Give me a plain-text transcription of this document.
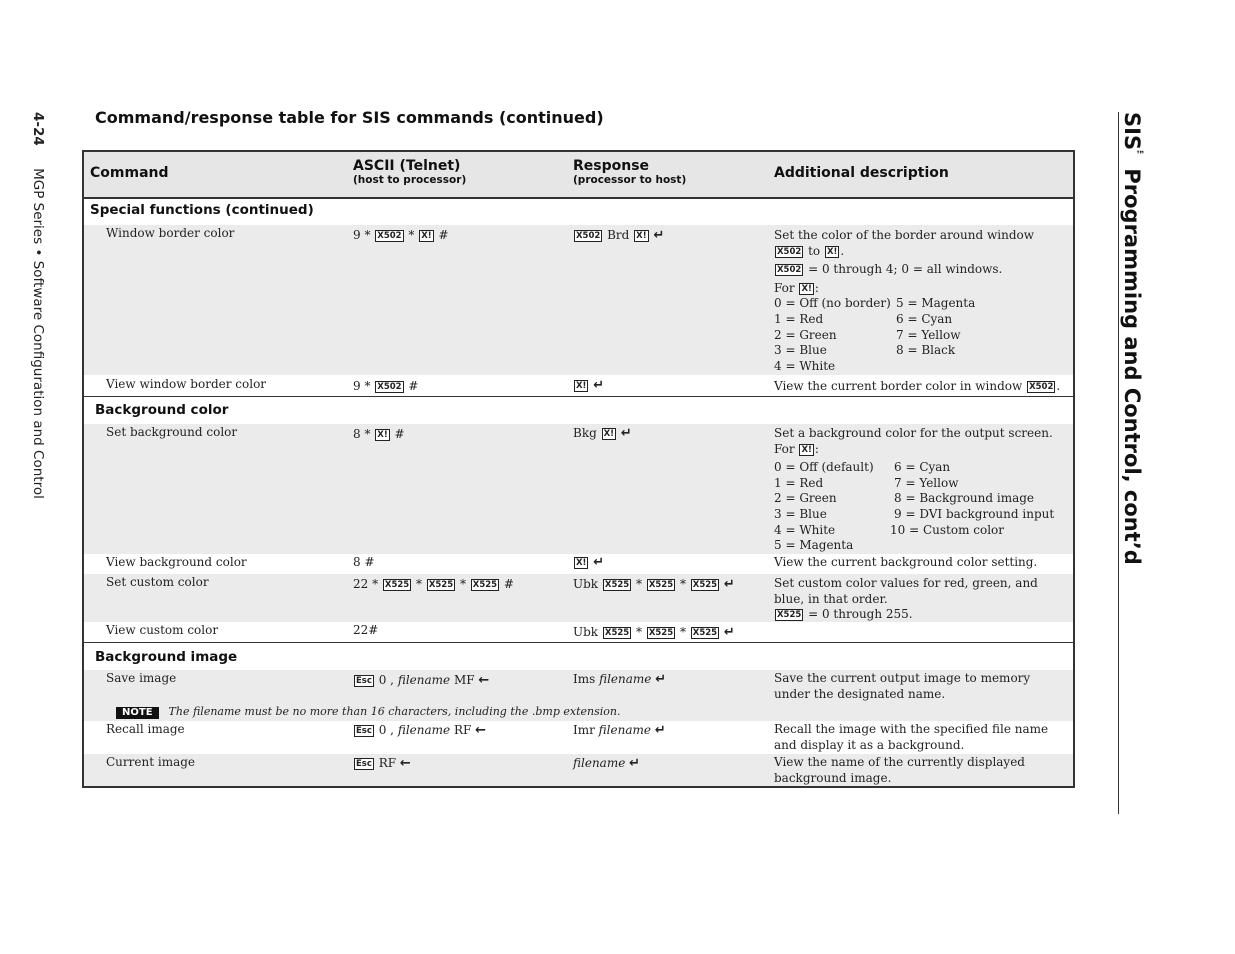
4-24 MGP Series • Software Configuration and Control
SIS™ Programming and Control, cont’d
Command/response table for SIS commands (continued)
Command	ASCII (Telnet)
(host to processor)
Response
(processor to host)	Additional description
Special functions (continued)
Window border color	9 * X502 * X! #	X502 Brd X! ↵	Set the color of the border around window X502 to X! .
X502 = 0 through 4; 0 = all windows.
For X! :
0 = Off (no border)
1 = Red
2 = Green
3 = Blue
4 = White
5 = Magenta
6 = Cyan
7 = Yellow
8 = Black
View window border color	9 * X502 #	X! ↵	View the current border color in window X502 .
Background color
Set background color	8 * X! #	Bkg X! ↵	Set a background color for the output screen.
For X! :
0 = Off (default)
1 = Red
2 = Green
3 = Blue
4 = White
5 = Magenta
6 = Cyan
7 = Yellow
8 = Background image
9 = DVI background input
10 = Custom color
View background color	8 #	X! ↵	View the current background color setting.
Set custom color	22 * X525 * X525 * X525 #	Ubk X525 * X525 * X525 ↵	Set custom color values for red, green, and blue, in that order.
X525 = 0 through 255.
View custom color	22#	Ubk X525 * X525 * X525 ↵
Background image
Save image	Esc 0 , filename MF ←	Ims filename ↵	Save the current output image to memory under the designated name.
NOTE The filename must be no more than 16 characters, including the .bmp extension.
Recall image	Esc 0 , filename RF ←	Imr filename ↵	Recall the image with the specified file name and display it as a background.
Current image	Esc RF ←	filename ↵	View the name of the currently displayed background image.
